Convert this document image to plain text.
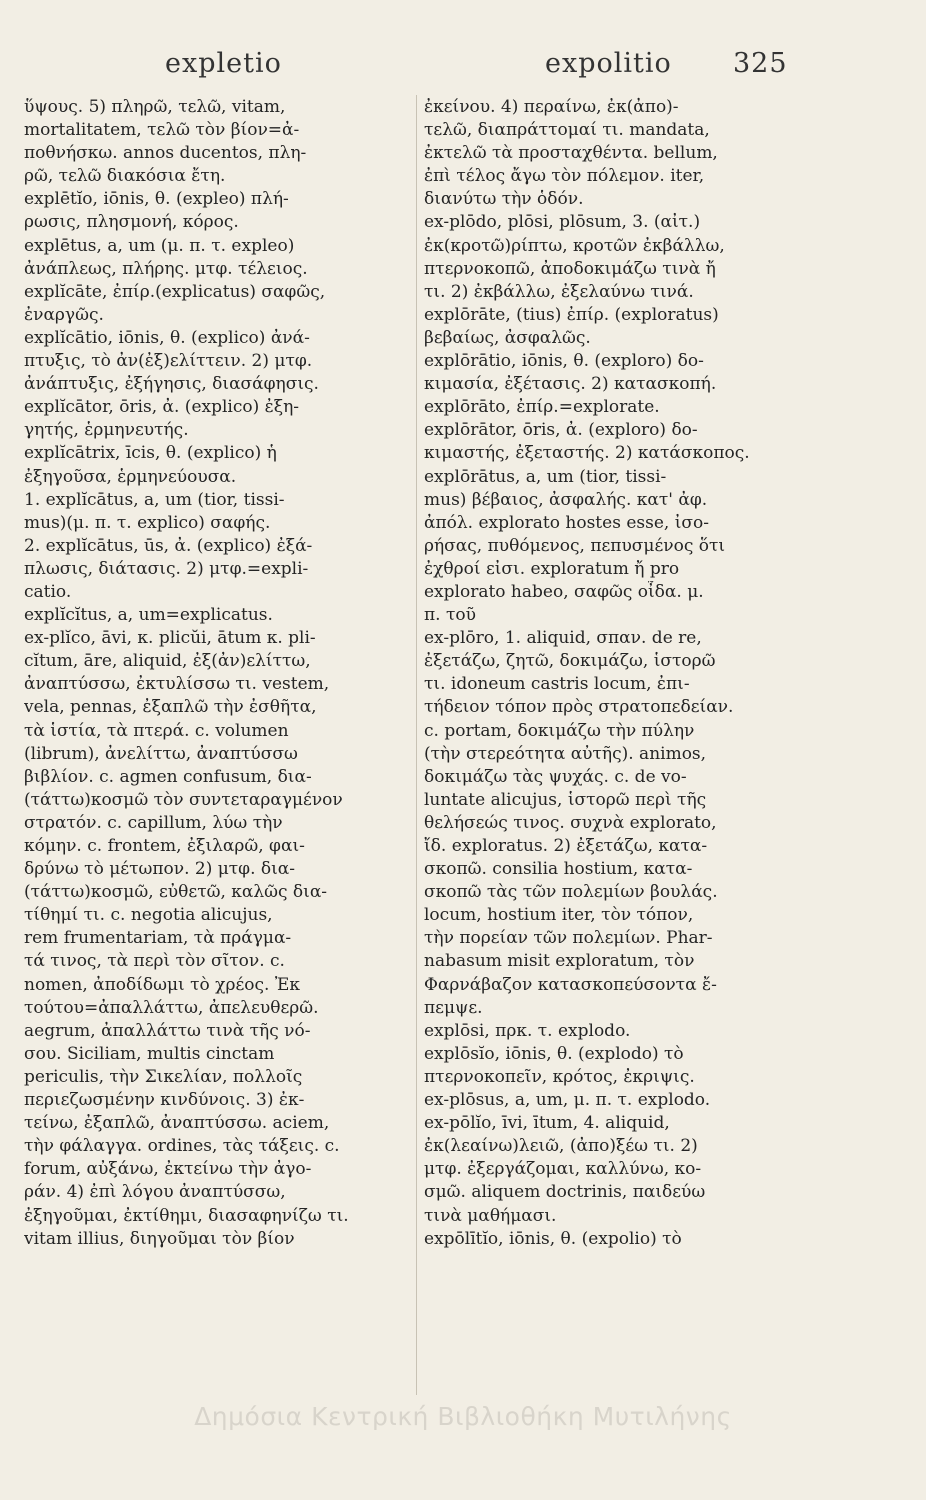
expletio	expolitio 325
ὕψους. 5) πληρῶ, τελῶ, vitam,
mortalitatem, τελῶ τὸν βίον=ἀ-
ποθνήσκω. annos ducentos, πλη-
ρῶ, τελῶ διακόσια ἔτη.
explētĭo, iōnis, θ. (expleo) πλή-
ρωσις, πλησμονή, κόρος.
explētus, a, um (μ. π. τ. expleo)
ἀνάπλεως, πλήρης. μτφ. τέλειος.
explĭcāte, ἐπίρ.(explicatus) σαφῶς,
ἐναργῶς.
explĭcātio, iōnis, θ. (explico) ἀνά-
πτυξις, τὸ ἀν(ἐξ)ελίττειν. 2) μτφ.
ἀνάπτυξις, ἐξήγησις, διασάφησις.
explĭcātor, ōris, ἀ. (explico) ἐξη-
γητής, ἑρμηνευτής.
explĭcātrix, īcis, θ. (explico) ἡ
ἐξηγοῦσα, ἑρμηνεύουσα.
1. explĭcātus, a, um (tior, tissi-
mus)(μ. π. τ. explico) σαφής.
2. explĭcātus, ūs, ἀ. (explico) ἐξά-
πλωσις, διάτασις. 2) μτφ.=expli-
catio.
explĭcĭtus, a, um=explicatus.
ex-plĭco, āvi, κ. plicŭi, ātum κ. pli-
cĭtum, āre, aliquid, ἐξ(ἀν)ελίττω,
ἀναπτύσσω, ἐκτυλίσσω τι. vestem,
vela, pennas, ἐξαπλῶ τὴν ἐσθῆτα,
τὰ ἱστία, τὰ πτερά. c. volumen
(librum), ἀνελίττω, ἀναπτύσσω
βιβλίον. c. agmen confusum, δια-
(τάττω)κοσμῶ τὸν συντεταραγμένον
στρατόν. c. capillum, λύω τὴν
κόμην. c. frontem, ἐξιλαρῶ, φαι-
δρύνω τὸ μέτωπον. 2) μτφ. δια-
(τάττω)κοσμῶ, εὐθετῶ, καλῶς δια-
τίθημί τι. c. negotia alicujus,
rem frumentariam, τὰ πράγμα-
τά τινος, τὰ περὶ τὸν σῖτον. c.
nomen, ἀποδίδωμι τὸ χρέος. Ἐκ
τούτου=ἀπαλλάττω, ἀπελευθερῶ.
aegrum, ἀπαλλάττω τινὰ τῆς νό-
σου. Siciliam, multis cinctam
periculis, τὴν Σικελίαν, πολλοῖς
περιεζωσμένην κινδύνοις. 3) ἐκ-
τείνω, ἐξαπλῶ, ἀναπτύσσω. aciem,
τὴν φάλαγγα. ordines, τὰς τάξεις. c.
forum, αὐξάνω, ἐκτείνω τὴν ἀγο-
ράν. 4) ἐπὶ λόγου ἀναπτύσσω,
ἐξηγοῦμαι, ἐκτίθημι, διασαφηνίζω τι.
vitam illius, διηγοῦμαι τὸν βίον
ἐκείνου. 4) περαίνω, ἐκ(ἀπο)-
τελῶ, διαπράττομαί τι. mandata,
ἐκτελῶ τὰ προσταχθέντα. bellum,
ἐπὶ τέλος ἄγω τὸν πόλεμον. iter,
διανύτω τὴν ὁδόν.
ex-plōdo, plōsi, plōsum, 3. (αἰτ.)
ἐκ(κροτῶ)ρίπτω, κροτῶν ἐκβάλλω,
πτερνοκοπῶ, ἀποδοκιμάζω τινὰ ἤ
τι. 2) ἐκβάλλω, ἐξελαύνω τινά.
explōrāte, (tius) ἐπίρ. (exploratus)
βεβαίως, ἀσφαλῶς.
explōrātio, iōnis, θ. (exploro) δο-
κιμασία, ἐξέτασις. 2) κατασκοπή.
explōrāto, ἐπίρ.=explorate.
explōrātor, ōris, ἀ. (exploro) δο-
κιμαστής, ἐξεταστής. 2) κατάσκοπος.
explōrātus, a, um (tior, tissi-
mus) βέβαιος, ἀσφαλής. κατ' ἀφ.
ἀπόλ. explorato hostes esse, ἰσο-
ρήσας, πυθόμενος, πεπυσμένος ὅτι
ἐχθροί εἰσι. exploratum ἤ pro
explorato habeo, σαφῶς οἶδα. μ.
π. τοῦ
ex-plōro, 1. aliquid, σπαν. de re,
ἐξετάζω, ζητῶ, δοκιμάζω, ἱστορῶ
τι. idoneum castris locum, ἐπι-
τήδειον τόπον πρὸς στρατοπεδείαν.
c. portam, δοκιμάζω τὴν πύλην
(τὴν στερεότητα αὐτῆς). animos,
δοκιμάζω τὰς ψυχάς. c. de vo-
luntate alicujus, ἱστορῶ περὶ τῆς
θελήσεώς τινος. συχνὰ explorato,
ἴδ. exploratus. 2) ἐξετάζω, κατα-
σκοπῶ. consilia hostium, κατα-
σκοπῶ τὰς τῶν πολεμίων βουλάς.
locum, hostium iter, τὸν τόπον,
τὴν πορείαν τῶν πολεμίων. Phar-
nabasum misit exploratum, τὸν
Φαρνάβαζον κατασκοπεύσοντα ἔ-
πεμψε.
explōsi, πρκ. τ. explodo.
explōsĭo, iōnis, θ. (explodo) τὸ
πτερνοκοπεῖν, κρότος, ἐκριψις.
ex-plōsus, a, um, μ. π. τ. explodo.
ex-pōlĭo, īvi, ītum, 4. aliquid,
ἐκ(λεαίνω)λειῶ, (ἀπο)ξέω τι. 2)
μτφ. ἐξεργάζομαι, καλλύνω, κο-
σμῶ. aliquem doctrinis, παιδεύω
τινὰ μαθήμασι.
expōlītĭo, iōnis, θ. (expolio) τὸ
Δημόσια Κεντρική Βιβλιοθήκη Μυτιλήνης
